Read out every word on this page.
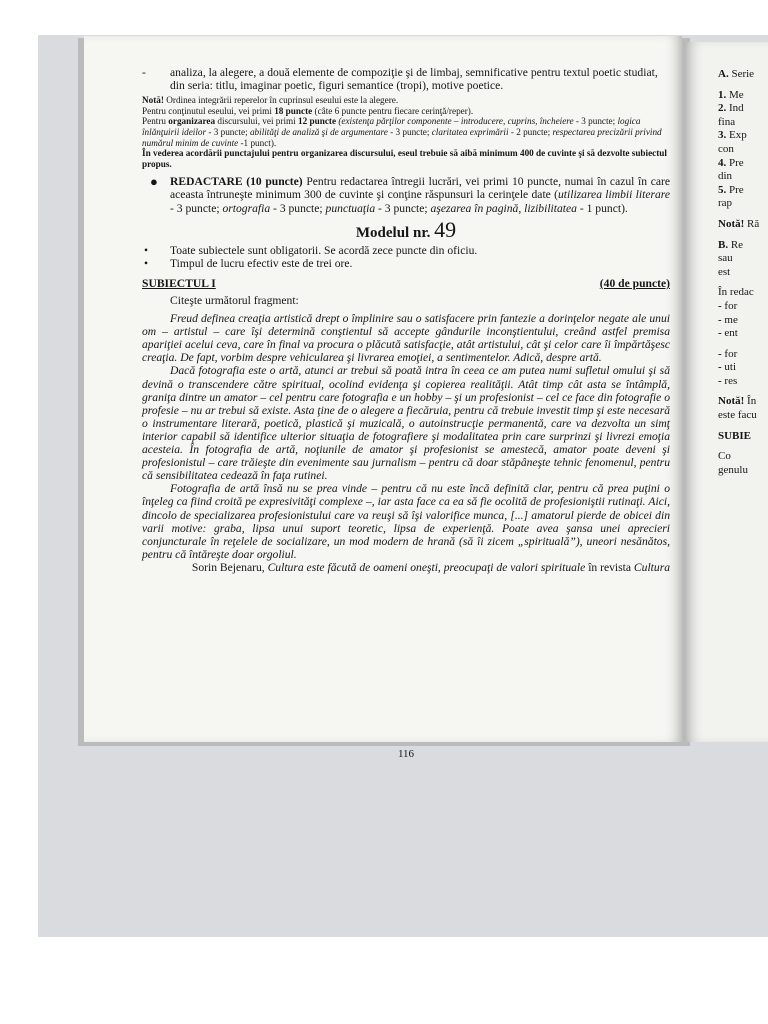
- analiza, la alegere, a două elemente de compoziţie şi de limbaj, semnificative pentru textul poetic studiat, din seria: titlu, imaginar poetic, figuri semantice (tropi), motive poetice.

Notă! Ordinea integrării reperelor în cuprinsul eseului este la alegere.

Pentru conţinutul eseului, vei primi 18 puncte (câte 6 puncte pentru fiecare cerinţă/reper).

Pentru organizarea discursului, vei primi 12 puncte (existenţa părţilor componente – introducere, cuprins, încheiere - 3 puncte; logica înlănţuirii ideilor - 3 puncte; abilităţi de analiză şi de argumentare - 3 puncte; claritatea exprimării - 2 puncte; respectarea precizării privind numărul minim de cuvinte -1 punct).

În vederea acordării punctajului pentru organizarea discursului, eseul trebuie să aibă minimum 400 de cuvinte şi să dezvolte subiectul propus.

● REDACTARE (10 puncte) Pentru redactarea întregii lucrări, vei primi 10 puncte, numai în cazul în care aceasta întruneşte minimum 300 de cuvinte şi conţine răspunsuri la cerinţele date (utilizarea limbii literare - 3 puncte; ortografia - 3 puncte; punctuaţia - 3 puncte; aşezarea în pagină, lizibilitatea - 1 punct).
Modelul nr. 49
• Toate subiectele sunt obligatorii. Se acordă zece puncte din oficiu.
• Timpul de lucru efectiv este de trei ore.
SUBIECTUL I	(40 de puncte)
Citeşte următorul fragment:

Freud definea creaţia artistică drept o împlinire sau o satisfacere prin fantezie a dorinţelor negate ale unui om – artistul – care îşi determină conştientul să accepte gândurile inconştientului, creând astfel premisa apariţiei acelui ceva, care în final va procura o plăcută satisfacţie, atât artistului, cât şi celor care îi împărtăşesc creaţia. De fapt, vorbim despre vehicularea şi livrarea emoţiei, a sentimentelor. Adică, despre artă.

Dacă fotografia este o artă, atunci ar trebui să poată intra în ceea ce am putea numi sufletul omului şi să devină o transcendere către spiritual, ocolind evidenţa şi copierea realităţii. Atât timp cât asta se întâmplă, graniţa dintre un amator – cel pentru care fotografia e un hobby – şi un profesionist – cel ce face din fotografie o profesie – nu ar trebui să existe. Asta ţine de o alegere a fiecăruia, pentru că trebuie investit timp şi este necesară o instrumentare literară, poetică, plastică şi muzicală, o autoinstrucţie permanentă, care va dezvolta un simţ interior capabil să identifice ulterior situaţia de fotografiere şi modalitatea prin care surprinzi şi livrezi emoţia acesteia. În fotografia de artă, noţiunile de amator şi profesionist se amestecă, amator poate deveni şi profesionistul – care trăieşte din evenimente sau jurnalism – pentru că doar stăpâneşte tehnic fenomenul, pentru că sensibilitatea cedează în faţa rutinei.

Fotografia de artă însă nu se prea vinde – pentru că nu este încă definită clar, pentru că prea puţini o înţeleg ca fiind croită pe expresivităţi complexe –, iar asta face ca ea să fie ocolită de profesioniştii rutinaţi. Aici, dincolo de specializarea profesionistului care va reuşi să îşi valorifice munca, [...] amatorul pierde de obicei din varii motive: graba, lipsa unui suport teoretic, lipsa de experienţă. Poate avea şansa unei aprecieri conjuncturale în reţelele de socializare, un mod modern de hrană (să îi zicem „spirituală”), uneori nesănătos, pentru că întăreşte doar orgoliul.

Sorin Bejenaru, Cultura este făcută de oameni oneşti, preocupaţi de valori spirituale în revista Cultura
116
A. Serie
1. Me
2. Ind
fina
3. Exp
con
4. Pre
din
5. Pre
rap
Notă! Ră
B. Re
sau
est
În redac
- for
- me
- ent
- for
- uti
- res
Notă! În
este facu
SUBIE
Co
genulu
